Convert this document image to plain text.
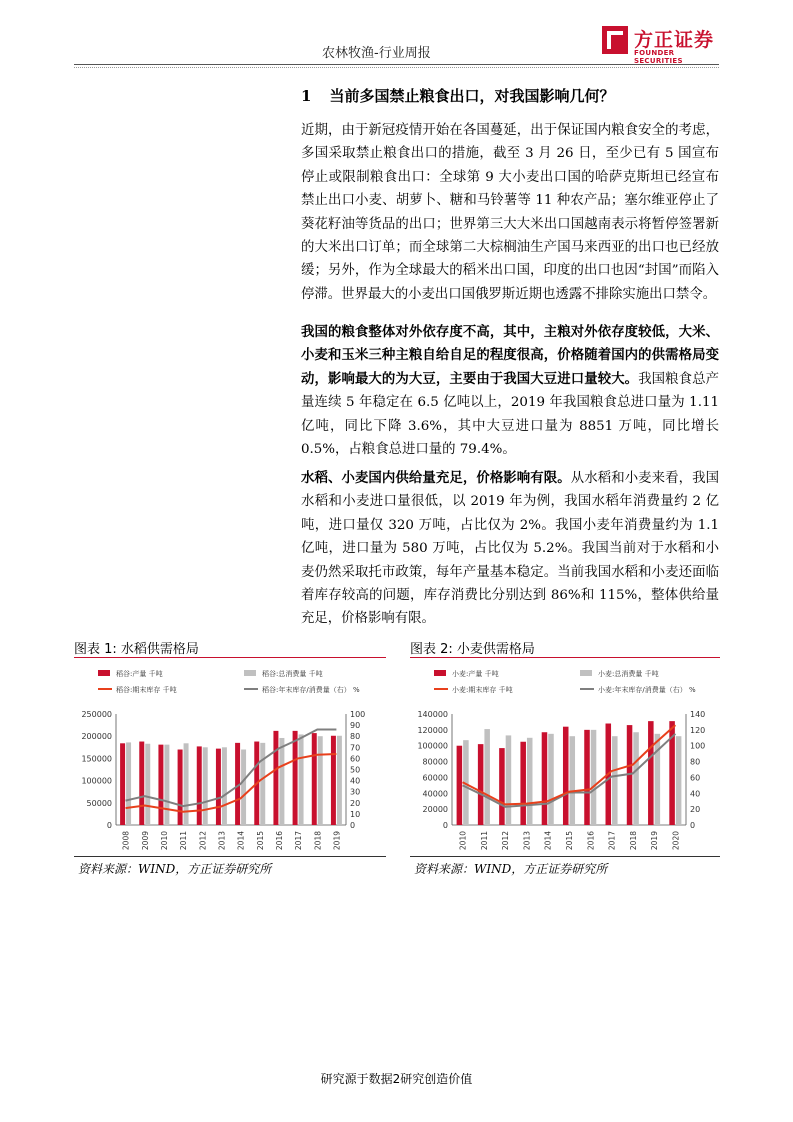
农林牧渔-行业周报
方正证券
FOUNDER SECURITIES
1 当前多国禁止粮食出口，对我国影响几何？
近期，由于新冠疫情开始在各国蔓延，出于保证国内粮食安全的考虑，多国采取禁止粮食出口的措施，截至 3 月 26 日，至少已有 5 国宣布停止或限制粮食出口：全球第 9 大小麦出口国的哈萨克斯坦已经宣布禁止出口小麦、胡萝卜、糖和马铃薯等 11 种农产品；塞尔维亚停止了葵花籽油等货品的出口；世界第三大大米出口国越南表示将暂停签署新的大米出口订单；而全球第二大棕榈油生产国马来西亚的出口也已经放缓；另外，作为全球最大的稻米出口国，印度的出口也因“封国”而陷入停滞。世界最大的小麦出口国俄罗斯近期也透露不排除实施出口禁令。
我国的粮食整体对外依存度不高，其中，主粮对外依存度较低，大米、小麦和玉米三种主粮自给自足的程度很高，价格随着国内的供需格局变动，影响最大的为大豆，主要由于我国大豆进口量较大。我国粮食总产量连续 5 年稳定在 6.5 亿吨以上，2019 年我国粮食总进口量为 1.11 亿吨，同比下降 3.6%，其中大豆进口量为 8851 万吨，同比增长 0.5%，占粮食总进口量的 79.4%。
水稻、小麦国内供给量充足，价格影响有限。从水稻和小麦来看，我国水稻和小麦进口量很低，以 2019 年为例，我国水稻年消费量约 2 亿吨，进口量仅 320 万吨，占比仅为 2%。我国小麦年消费量约为 1.1 亿吨，进口量为 580 万吨，占比仅为 5.2%。我国当前对于水稻和小麦仍然采取托市政策，每年产量基本稳定。当前我国水稻和小麦还面临着库存较高的问题，库存消费比分别达到 86%和 115%，整体供给量充足，价格影响有限。
图表 1: 水稻供需格局
稻谷:产量 千吨	稻谷:总消费量 千吨
稻谷:期末库存 千吨	稻谷:年末库存/消费量（右） %
0
50000
100000
150000
200000
250000
0
10
20
30
40
50
60
70
80
90
100
2008 2009 2010 2011 2012 2013 2014 2015 2016 2017 2018 2019
资料来源：WIND，方正证券研究所
图表 2: 小麦供需格局
小麦:产量 千吨	小麦:总消费量 千吨
小麦:期末库存 千吨	小麦:年末库存/消费量（右） %
0
20000
40000
60000
80000
100000
120000
140000
0
20
40
60
80
100
120
140
2010 2011 2012 2013 2014 2015 2016 2017 2018 2019 2020
资料来源：WIND，方正证券研究所
研究源于数据2研究创造价值
